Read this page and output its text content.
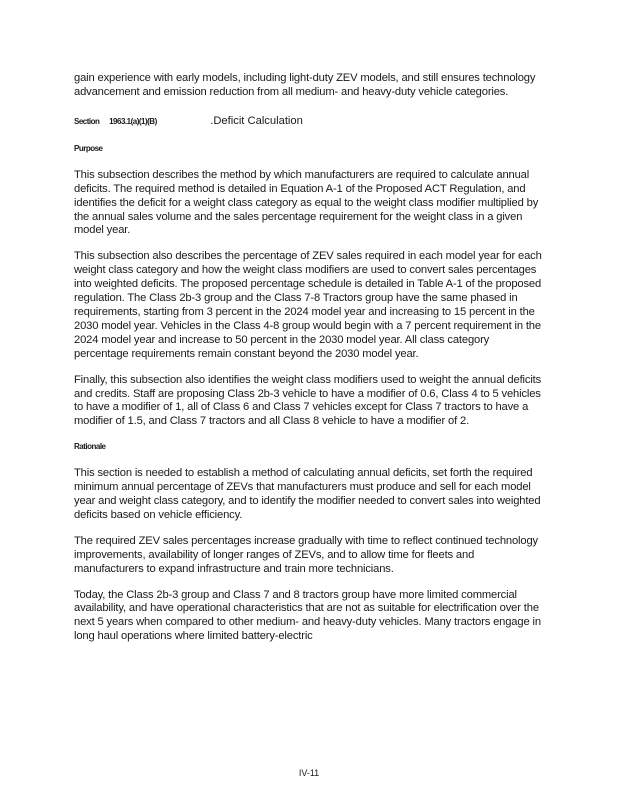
gain experience with early models, including light-duty ZEV models, and still ensures technology advancement and emission reduction from all medium- and heavy-duty vehicle categories.

Section 1963.1(a)(1)(B)	.Deficit Calculation
Purpose

This subsection describes the method by which manufacturers are required to calculate annual deficits. The required method is detailed in Equation A-1 of the Proposed ACT Regulation, and identifies the deficit for a weight class category as equal to the weight class modifier multiplied by the annual sales volume and the sales percentage requirement for the weight class in a given model year.

This subsection also describes the percentage of ZEV sales required in each model year for each weight class category and how the weight class modifiers are used to convert sales percentages into weighted deficits. The proposed percentage schedule is detailed in Table A-1 of the proposed regulation. The Class 2b-3 group and the Class 7-8 Tractors group have the same phased in requirements, starting from 3 percent in the 2024 model year and increasing to 15 percent in the 2030 model year. Vehicles in the Class 4-8 group would begin with a 7 percent requirement in the 2024 model year and increase to 50 percent in the 2030 model year. All class category percentage requirements remain constant beyond the 2030 model year.

Finally, this subsection also identifies the weight class modifiers used to weight the annual deficits and credits. Staff are proposing Class 2b-3 vehicle to have a modifier of 0.6, Class 4 to 5 vehicles to have a modifier of 1, all of Class 6 and Class 7 vehicles except for Class 7 tractors to have a modifier of 1.5, and Class 7 tractors and all Class 8 vehicle to have a modifier of 2.

Rationale

This section is needed to establish a method of calculating annual deficits, set forth the required minimum annual percentage of ZEVs that manufacturers must produce and sell for each model year and weight class category, and to identify the modifier needed to convert sales into weighted deficits based on vehicle efficiency.

The required ZEV sales percentages increase gradually with time to reflect continued technology improvements, availability of longer ranges of ZEVs, and to allow time for fleets and manufacturers to expand infrastructure and train more technicians.

Today, the Class 2b-3 group and Class 7 and 8 tractors group have more limited commercial availability, and have operational characteristics that are not as suitable for electrification over the next 5 years when compared to other medium- and heavy-duty vehicles. Many tractors engage in long haul operations where limited battery-electric

IV-11
